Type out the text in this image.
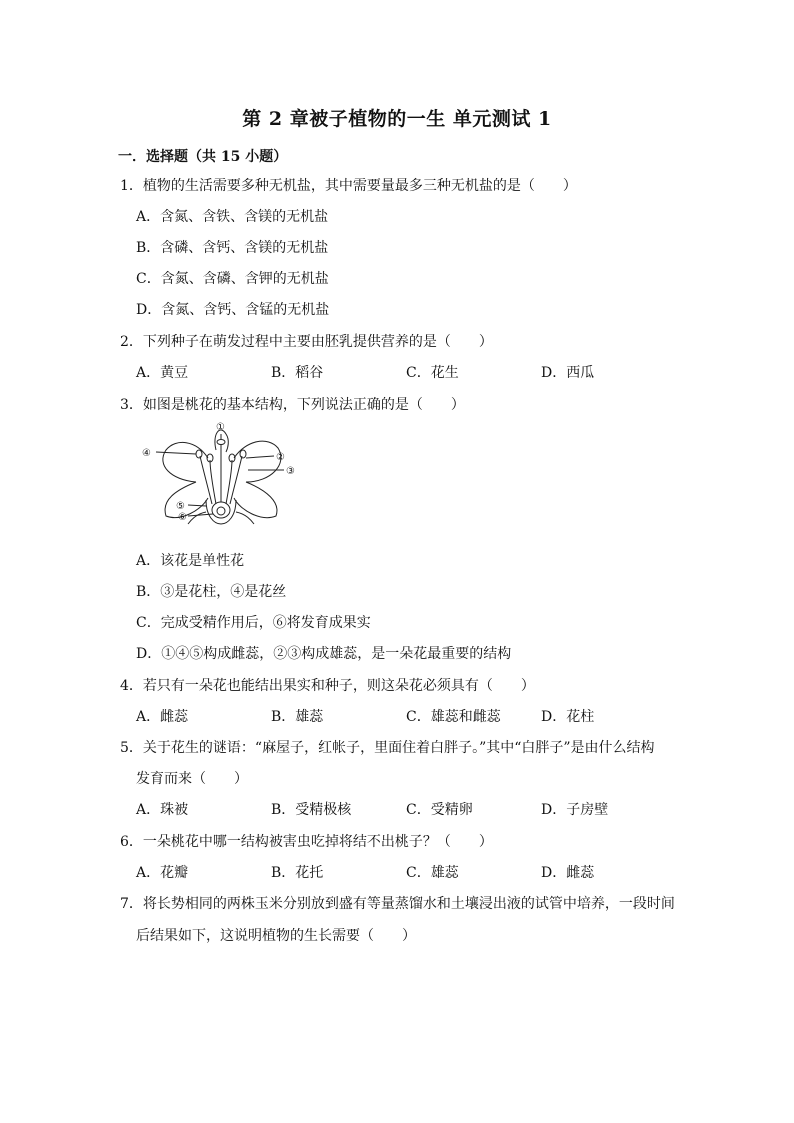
第 2 章被子植物的一生 单元测试 1
一．选择题（共 15 小题）
1．植物的生活需要多种无机盐，其中需要量最多三种无机盐的是（　　）
A．含氮、含铁、含镁的无机盐
B．含磷、含钙、含镁的无机盐
C．含氮、含磷、含钾的无机盐
D．含氮、含钙、含锰的无机盐
2．下列种子在萌发过程中主要由胚乳提供营养的是（　　）
A．黄豆	B．稻谷	C．花生	D．西瓜
3．如图是桃花的基本结构，下列说法正确的是（　　）
①
②
③
④
⑤
⑥
A．该花是单性花
B．③是花柱，④是花丝
C．完成受精作用后，⑥将发育成果实
D．①④⑤构成雌蕊，②③构成雄蕊，是一朵花最重要的结构
4．若只有一朵花也能结出果实和种子，则这朵花必须具有（　　）
A．雌蕊	B．雄蕊	C．雄蕊和雌蕊	D．花柱
5．关于花生的谜语：“麻屋子，红帐子，里面住着白胖子。”其中“白胖子”是由什么结构
发育而来（　　）
A．珠被	B．受精极核	C．受精卵	D．子房壁
6．一朵桃花中哪一结构被害虫吃掉将结不出桃子？（　　）
A．花瓣	B．花托	C．雄蕊	D．雌蕊
7．将长势相同的两株玉米分别放到盛有等量蒸馏水和土壤浸出液的试管中培养，一段时间
后结果如下，这说明植物的生长需要（　　）
